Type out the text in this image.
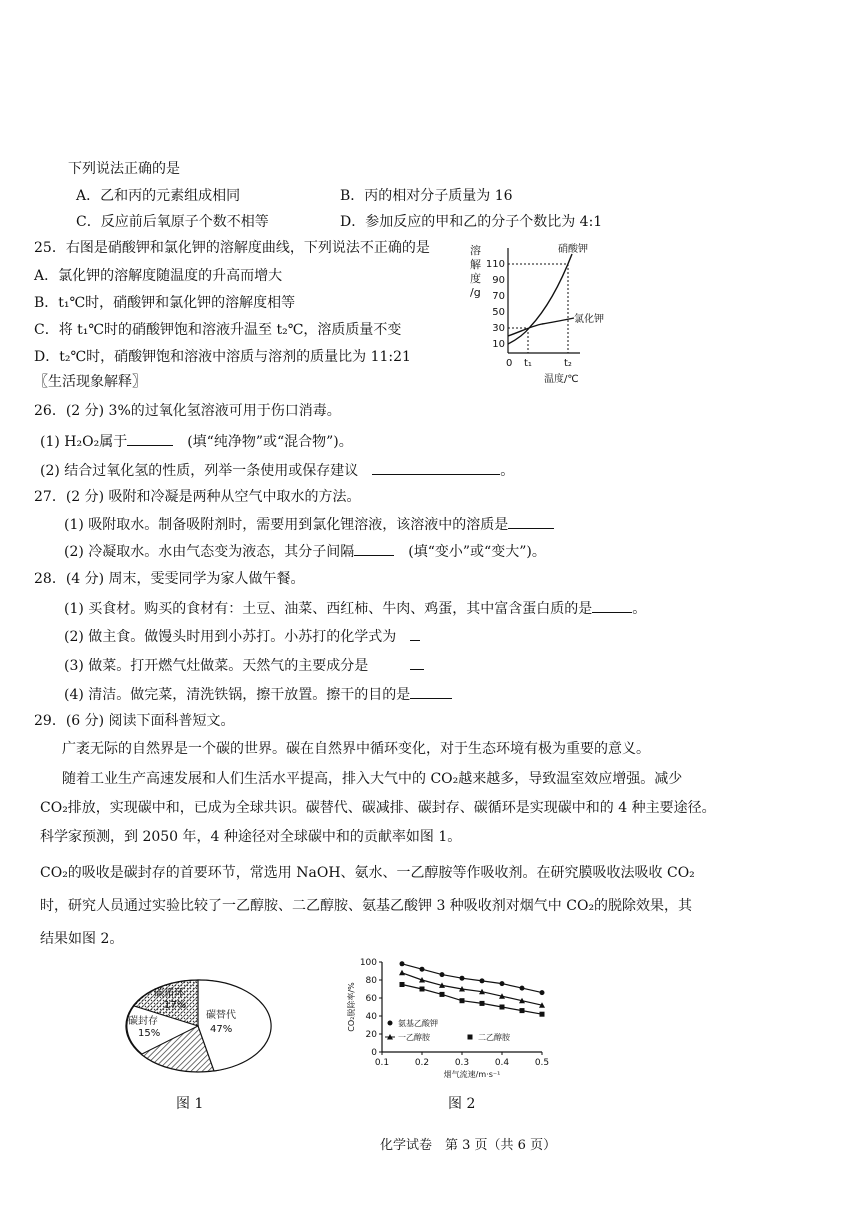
下列说法正确的是
A．乙和丙的元素组成相同	B．丙的相对分子质量为 16
C．反应前后氧原子个数不相等	D．参加反应的甲和乙的分子个数比为 4:1
25．右图是硝酸钾和氯化钾的溶解度曲线，下列说法不正确的是
A．氯化钾的溶解度随温度的升高而增大
B．t₁℃时，硝酸钾和氯化钾的溶解度相等
C．将 t₁℃时的硝酸钾饱和溶液升温至 t₂℃，溶质质量不变
D．t₂℃时，硝酸钾饱和溶液中溶质与溶剂的质量比为 11:21
溶
解
度
/g
110
90
70
50
30
10
硝酸钾
氯化钾
0 t₁	t₂
温度/℃
〖生活现象解释〗
26．(2 分) 3%的过氧化氢溶液可用于伤口消毒。
(1) H₂O₂属于　	(填“纯净物”或“混合物”)。
(2) 结合过氧化氢的性质，列举一条使用或保存建议　	。
27．(2 分) 吸附和冷凝是两种从空气中取水的方法。
(1) 吸附取水。制备吸附剂时，需要用到氯化锂溶液，该溶液中的溶质是
(2) 冷凝取水。水由气态变为液态，其分子间隔　	(填“变小”或“变大”)。
28．(4 分) 周末，雯雯同学为家人做午餐。
(1) 买食材。购买的食材有：土豆、油菜、西红柿、牛肉、鸡蛋，其中富含蛋白质的是	。
(2) 做主食。做馒头时用到小苏打。小苏打的化学式为　
(3) 做菜。打开燃气灶做菜。天然气的主要成分是　　　
(4) 清洁。做完菜，清洗铁锅，擦干放置。擦干的目的是
29．(6 分) 阅读下面科普短文。
广袤无际的自然界是一个碳的世界。碳在自然界中循环变化，对于生态环境有极为重要的意义。
随着工业生产高速发展和人们生活水平提高，排入大气中的 CO₂越来越多，导致温室效应增强。减少
CO₂排放，实现碳中和，已成为全球共识。碳替代、碳减排、碳封存、碳循环是实现碳中和的 4 种主要途径。
科学家预测，到 2050 年，4 种途径对全球碳中和的贡献率如图 1。
CO₂的吸收是碳封存的首要环节，常选用 NaOH、氨水、一乙醇胺等作吸收剂。在研究膜吸收法吸收 CO₂
时，研究人员通过实验比较了一乙醇胺、二乙醇胺、氨基乙酸钾 3 种吸收剂对烟气中 CO₂的脱除效果，其
结果如图 2。
碳替代
47%
碳循环
17%
碳封存
15%
图 1
0
20
40
60
80
100
0.1	0.2	0.3	0.4	0.5
烟气流速/m·s⁻¹
CO₂脱除率/%	氨基乙酸钾
一乙醇胺	二乙醇胺
图 2
化学试卷　第 3 页（共 6 页）
